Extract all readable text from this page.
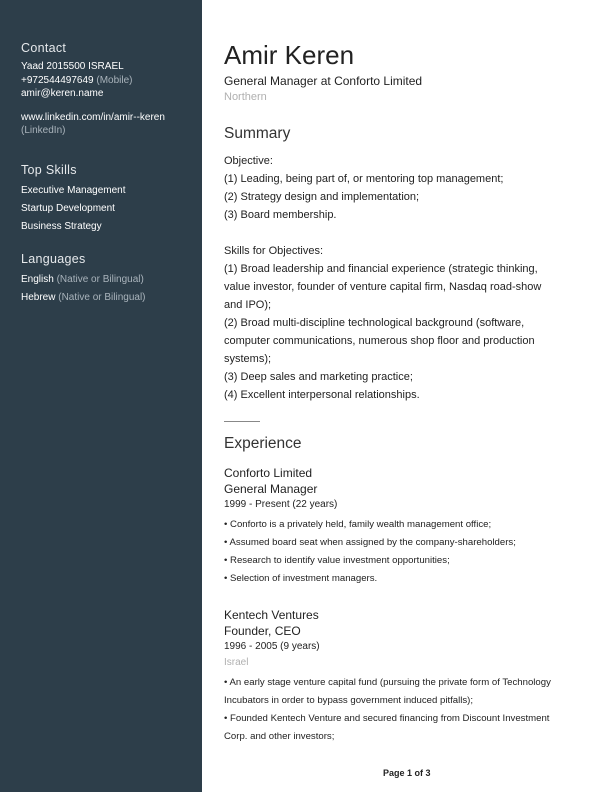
Contact
Yaad 2015500 ISRAEL
+972544497649 (Mobile)
amir@keren.name
www.linkedin.com/in/amir--keren
(LinkedIn)
Top Skills
Executive Management
Startup Development
Business Strategy
Languages
English (Native or Bilingual)
Hebrew (Native or Bilingual)
Amir Keren
General Manager at Conforto Limited
Northern
Summary
Objective:
(1) Leading, being part of, or mentoring top management;
(2) Strategy design and implementation;
(3) Board membership.

Skills for Objectives:
(1) Broad leadership and financial experience (strategic thinking,
value investor, founder of venture capital firm, Nasdaq road-show
and IPO);
(2) Broad multi-discipline technological background (software,
computer communications, numerous shop floor and production
systems);
(3) Deep sales and marketing practice;
(4) Excellent interpersonal relationships.
Experience
Conforto Limited
General Manager
1999 - Present (22 years)
• Conforto is a privately held, family wealth management office;
• Assumed board seat when assigned by the company-shareholders;
• Research to identify value investment opportunities;
• Selection of investment managers.
Kentech Ventures
Founder, CEO
1996 - 2005 (9 years)
Israel
• An early stage venture capital fund (pursuing the private form of Technology
Incubators in order to bypass government induced pitfalls);
• Founded Kentech Venture and secured financing from Discount Investment
Corp. and other investors;
Page 1 of 3
